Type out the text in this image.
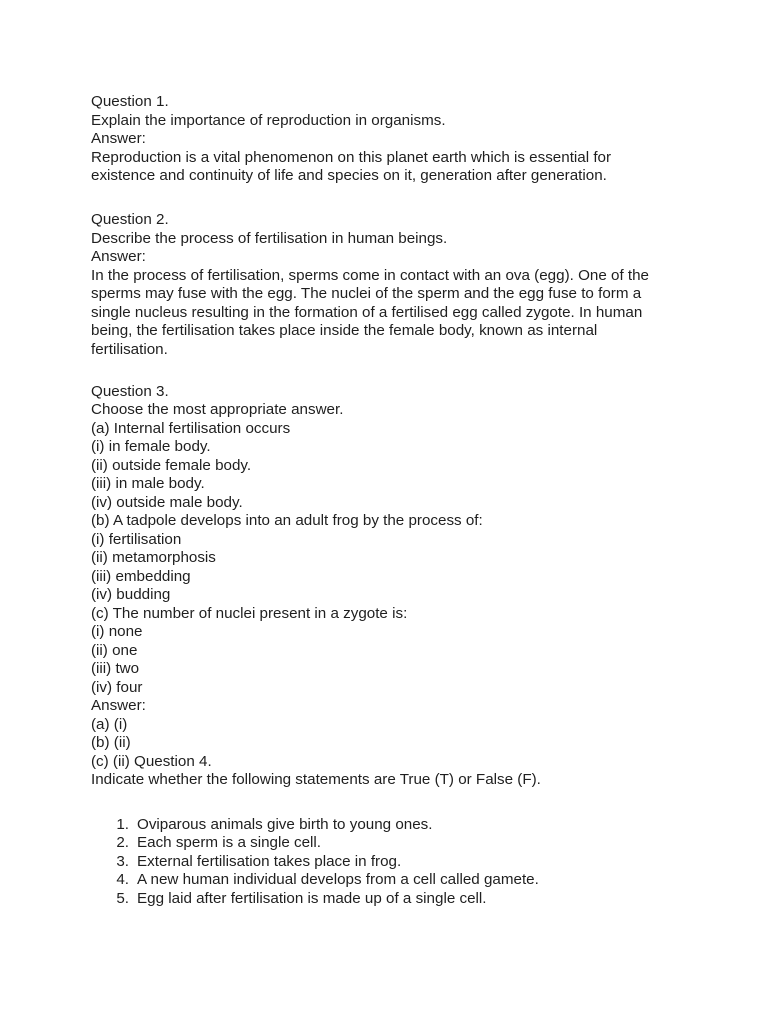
Question 1.
Explain the importance of reproduction in organisms.
Answer:
Reproduction is a vital phenomenon on this planet earth which is essential for
existence and continuity of life and species on it, generation after generation.
Question 2.
Describe the process of fertilisation in human beings.
Answer:
In the process of fertilisation, sperms come in contact with an ova (egg). One of the
sperms may fuse with the egg. The nuclei of the sperm and the egg fuse to form a
single nucleus resulting in the formation of a fertilised egg called zygote. In human
being, the fertilisation takes place inside the female body, known as internal
fertilisation.
Question 3.
Choose the most appropriate answer.
(a) Internal fertilisation occurs
(i) in female body.
(ii) outside female body.
(iii) in male body.
(iv) outside male body.
(b) A tadpole develops into an adult frog by the process of:
(i) fertilisation
(ii) metamorphosis
(iii) embedding
(iv) budding
(c) The number of nuclei present in a zygote is:
(i) none
(ii) one
(iii) two
(iv) four
Answer:
(a) (i)
(b) (ii)
(c) (ii) Question 4.
Indicate whether the following statements are True (T) or False (F).
1. Oviparous animals give birth to young ones.
2. Each sperm is a single cell.
3. External fertilisation takes place in frog.
4. A new human individual develops from a cell called gamete.
5. Egg laid after fertilisation is made up of a single cell.
